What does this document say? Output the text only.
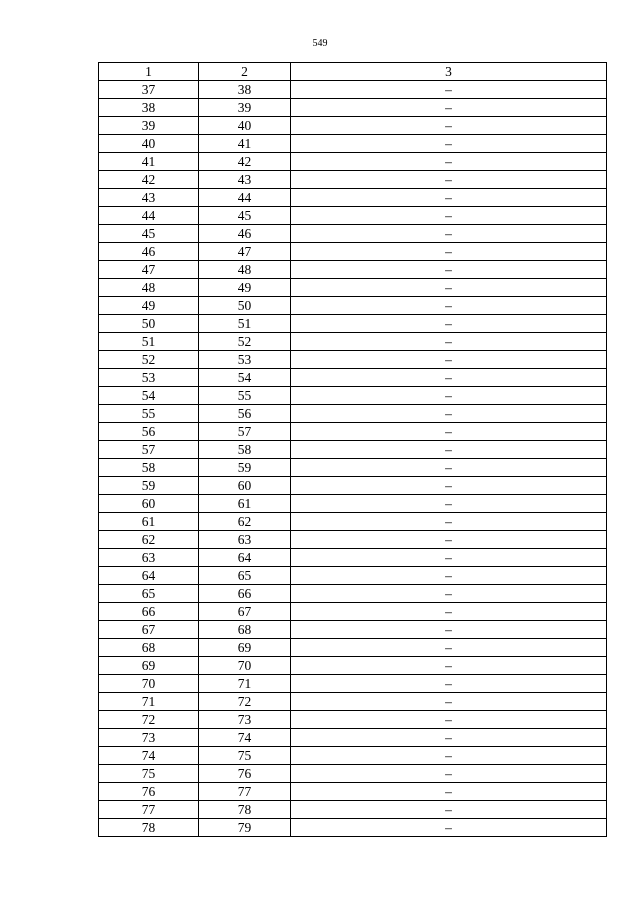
549
1	2	3
37	38	–
38	39	–
39	40	–
40	41	–
41	42	–
42	43	–
43	44	–
44	45	–
45	46	–
46	47	–
47	48	–
48	49	–
49	50	–
50	51	–
51	52	–
52	53	–
53	54	–
54	55	–
55	56	–
56	57	–
57	58	–
58	59	–
59	60	–
60	61	–
61	62	–
62	63	–
63	64	–
64	65	–
65	66	–
66	67	–
67	68	–
68	69	–
69	70	–
70	71	–
71	72	–
72	73	–
73	74	–
74	75	–
75	76	–
76	77	–
77	78	–
78	79	–
